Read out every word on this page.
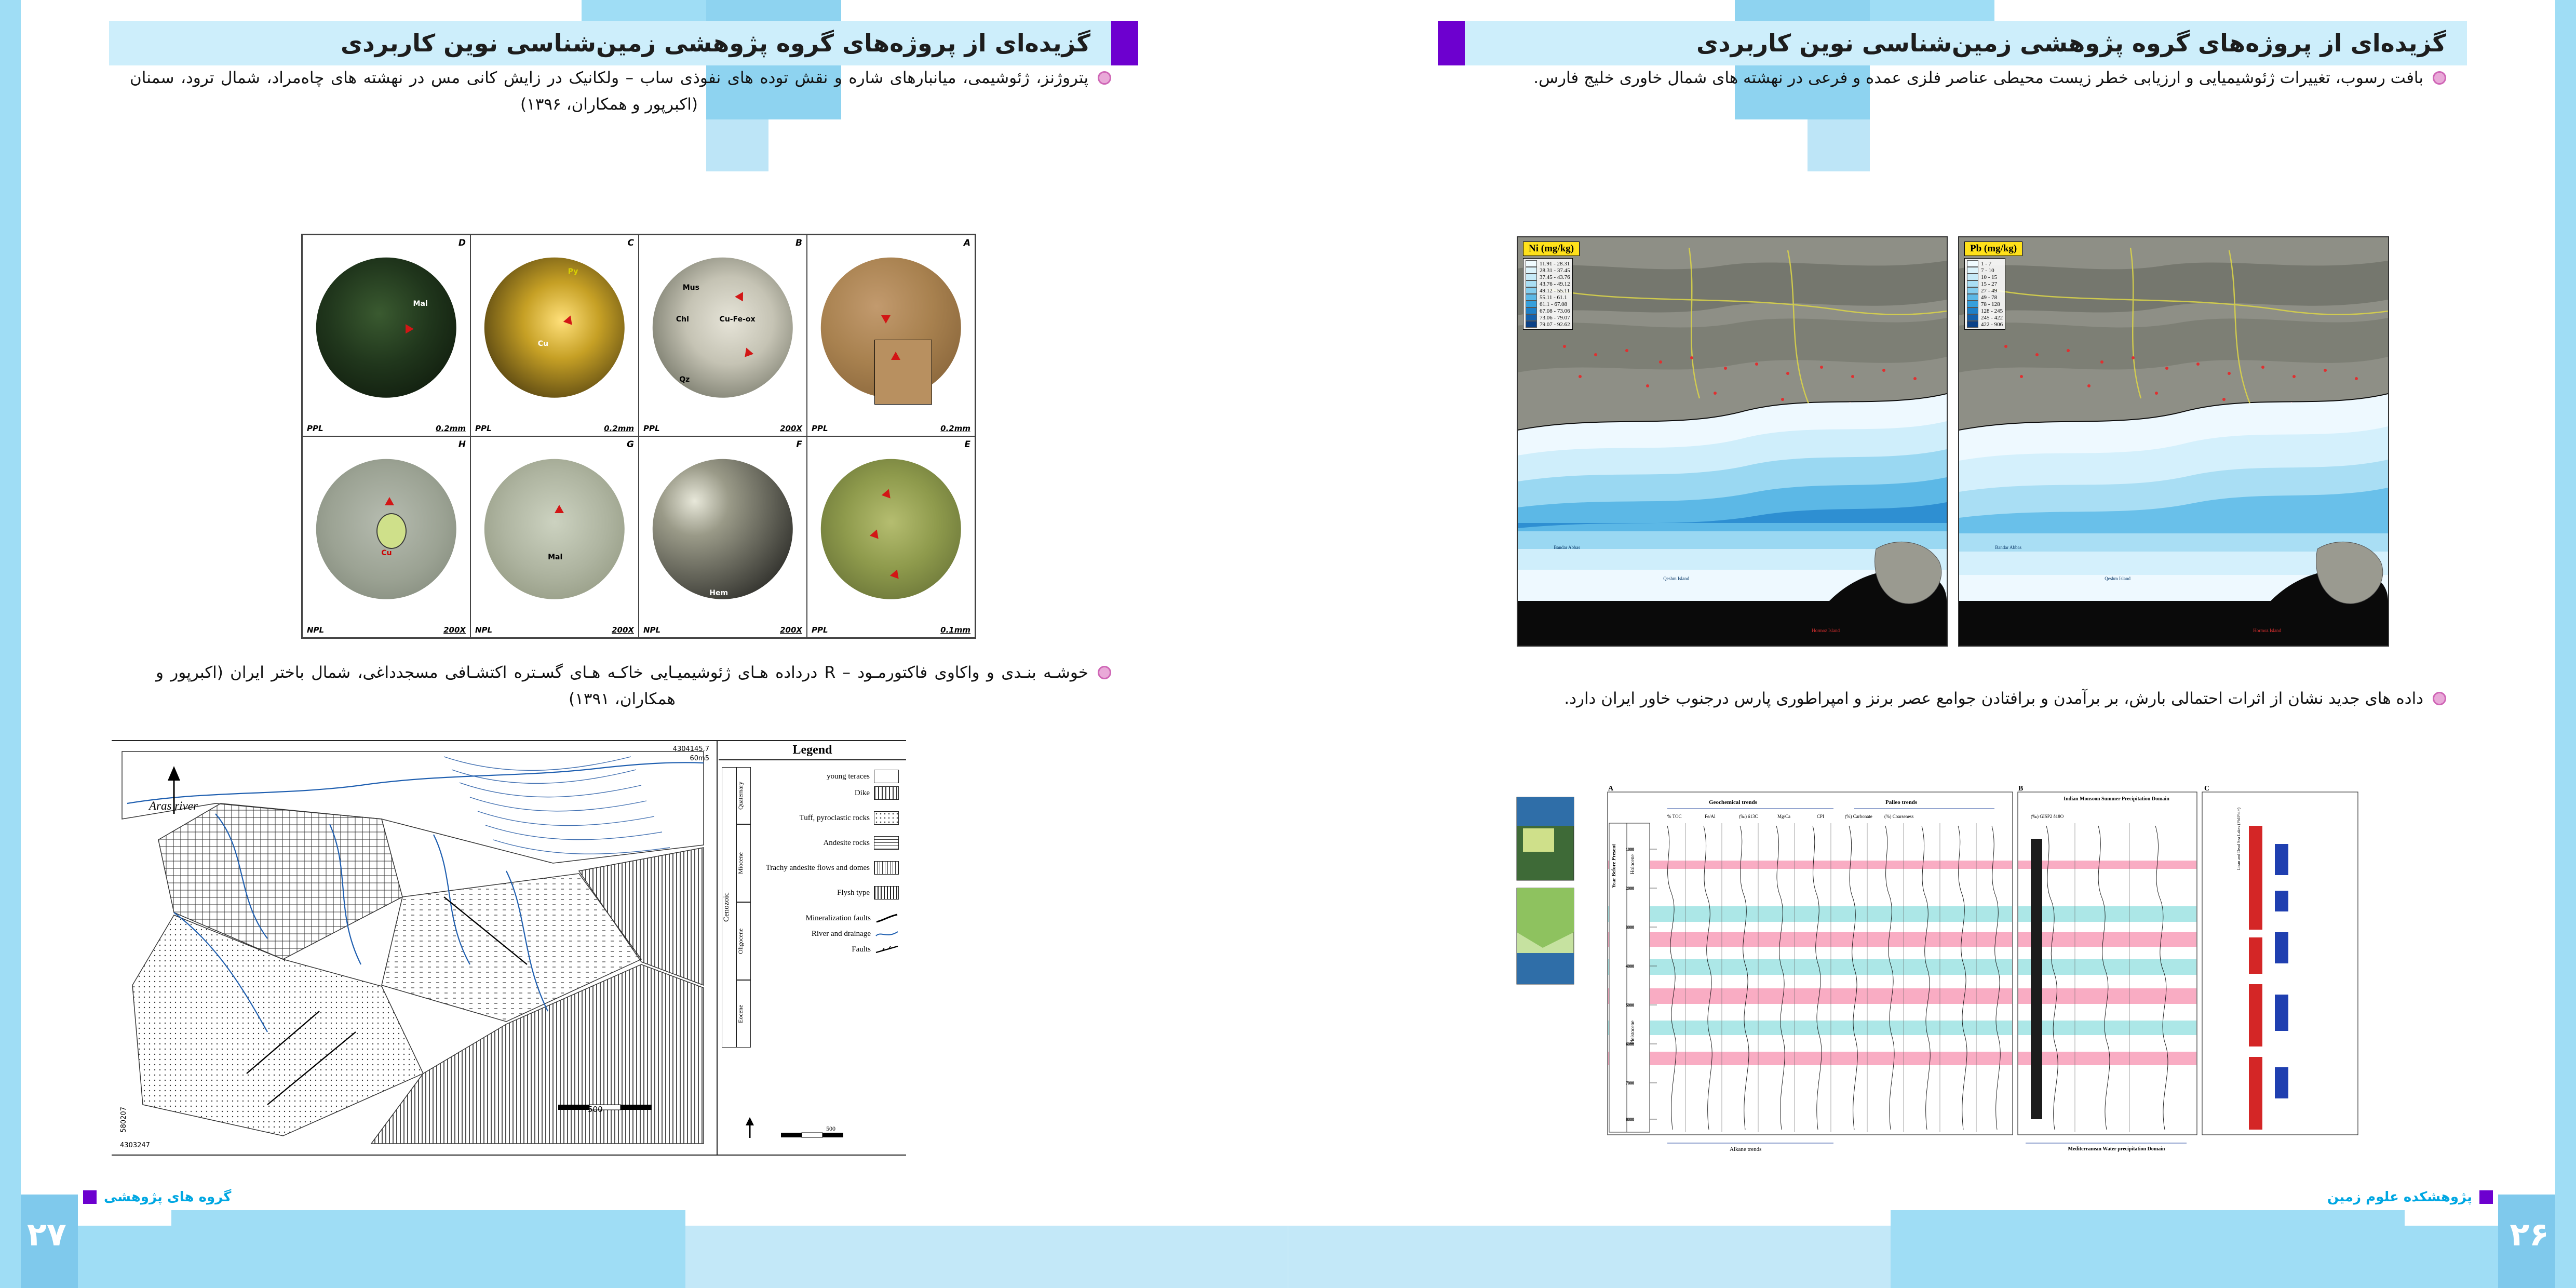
گزیده‌ای از پروژه‌های گروه پژوهشی زمین‌شناسی نوین کاربردی
پتروژنز، ژئوشیمی، میانبارهای شاره و نقش توده های نفوذی ساب – ولکانیک در زایش کانی مس در نهشته های چاه‌مراد، شمال ترود، سمنان (اکبرپور و همکاران، ۱۳۹۶)
A
PPL	0.2mm
Mus
Chl
Qz
Cu-Fe-ox
B
PPL	200X
Py
Cu
C
PPL	0.2mm
Mal
D
PPL	0.2mm
E
PPL	0.1mm
Hem
F
NPL	200X
Mal
G
NPL	200X
Cu
H
NPL	200X
خوشـه بنـدی و واکاوی فاکتورمـود – R درداده هـای ژئوشیمیـایی خاکـه هـای گسـتره اکتشـافی مسجدداغی، شمال باختر ایران (اکبرپور و همکاران، ۱۳۹۱)
Aras river
4304145.7
60m5
4303247
580207	500
Legend
Cenozoic
Quaternary
Miocene
Oligocene
Eocene
young teraces
Dike
Tuff, pyroclastic rocks
Andesite rocks
Trachy andesite flows and domes
Flysh type
Mineralization faults
River and drainage
Faults
500
گروه های پژوهشی
۲۷
گزیده‌ای از پروژه‌های گروه پژوهشی زمین‌شناسی نوین کاربردی
بافت رسوب، تغییرات ژئوشیمیایی و ارزیابی خطر زیست محیطی عناصر فلزی عمده و فرعی در نهشته های شمال خاوری خلیج فارس.
Bandar Abbas
Qeshm Island
Hormoz Island
Ni (mg/kg)
11.91 - 28.31
28.31 - 37.45
37.45 - 43.76
43.76 - 49.12
49.12 - 55.11
55.11 - 61.1
61.1 - 67.08
67.08 - 73.06
73.06 - 79.07
79.07 - 92.62
Bandar Abbas
Qeshm Island
Hormoz Island
Pb (mg/kg)
1 - 7
7 - 10
10 - 15
15 - 27
27 - 49
49 - 78
78 - 128
128 - 245
245 - 422
422 - 906
داده های جدید نشان از اثرات احتمالی بارش، بر برآمدن و برافتادن جوامع عصر برنز و امپراطوری پارس درجنوب خاور ایران دارد.
1000
2000
3000
4000
5000
6000
7000
8000
A	B	C
Geochemical trends	Palleo trends
Indian Monsoon Summer Precipitation Domain
Mediterranean Water precipitation Domain
Year Before Present	Holocene
Pleistocene
TOC %	Fe/Al	δ13C (‰)	Mg/Ca	CPI	Carbonate (%)	Coarseness (%)	GISP2 δ18O (‰)	Lisan and Dead Sea Lakes (Pbl/Pbl+)
Alkane trends
پژوهشکده علوم زمین
۲۶
